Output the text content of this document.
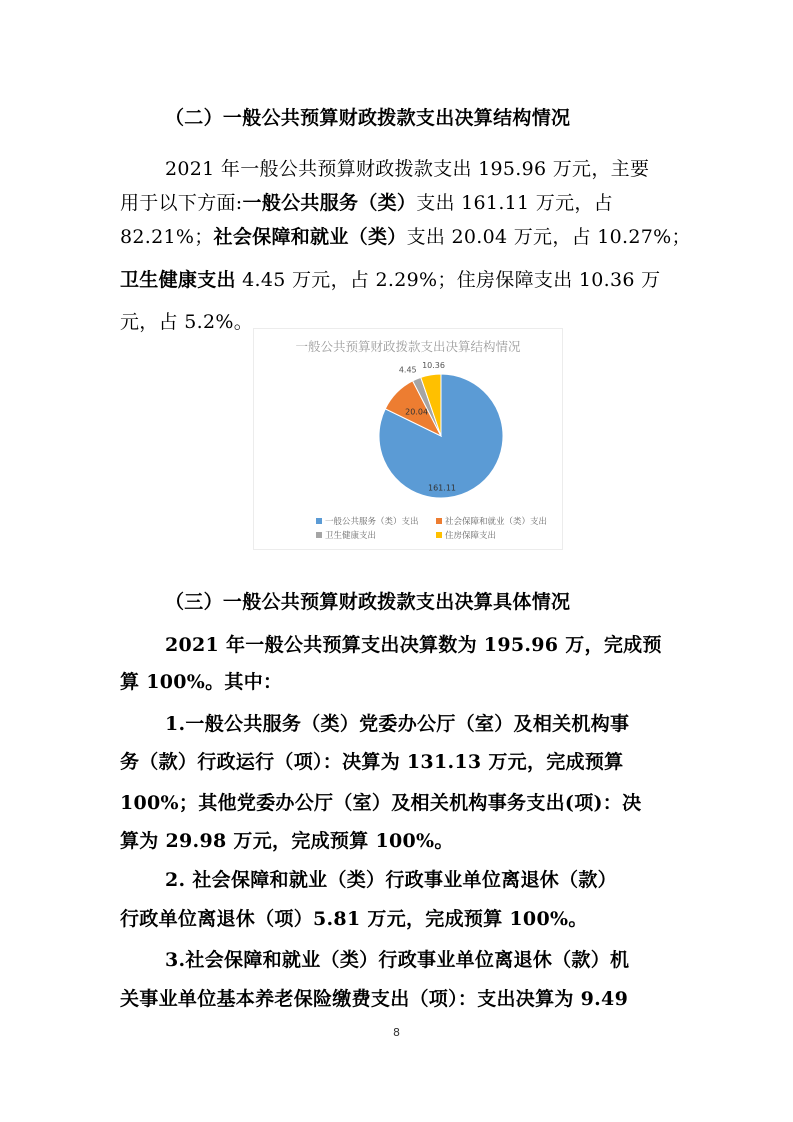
（二）一般公共预算财政拨款支出决算结构情况
2021 年一般公共预算财政拨款支出 195.96 万元，主要
用于以下方面:一般公共服务（类）支出 161.11 万元，占
82.21%；社会保障和就业（类）支出 20.04 万元，占 10.27%；
卫生健康支出 4.45 万元，占 2.29%；住房保障支出 10.36 万
元，占 5.2%。
一般公共预算财政拨款支出决算结构情况
161.11
20.04
4.45
10.36
一般公共服务（类）支出	社会保障和就业（类）支出
卫生健康支出	住房保障支出
（三）一般公共预算财政拨款支出决算具体情况
2021 年一般公共预算支出决算数为 195.96 万，完成预
算 100%。其中：
1.一般公共服务（类）党委办公厅（室）及相关机构事
务（款）行政运行（项）：决算为 131.13 万元，完成预算
100%；其他党委办公厅（室）及相关机构事务支出(项)：决
算为 29.98 万元，完成预算 100%。
2. 社会保障和就业（类）行政事业单位离退休（款）
行政单位离退休（项）5.81 万元，完成预算 100%。
3.社会保障和就业（类）行政事业单位离退休（款）机
关事业单位基本养老保险缴费支出（项）：支出决算为 9.49
8
